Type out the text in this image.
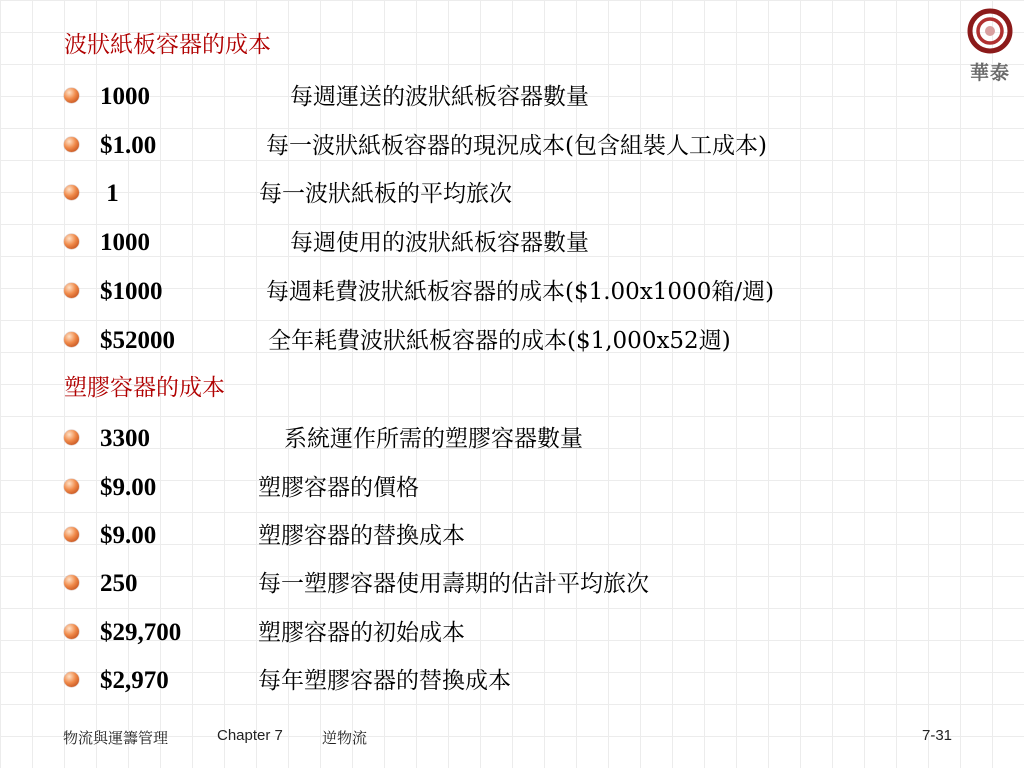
華泰
波狀紙板容器的成本
1000	每週運送的波狀紙板容器數量
$1.00	每一波狀紙板容器的現況成本(包含組裝人工成本)
1	每一波狀紙板的平均旅次
1000	每週使用的波狀紙板容器數量
$1000	每週耗費波狀紙板容器的成本($1.00x1000箱/週)
$52000	全年耗費波狀紙板容器的成本($1,000x52週)
塑膠容器的成本
3300	系統運作所需的塑膠容器數量
$9.00	塑膠容器的價格
$9.00	塑膠容器的替換成本
250	每一塑膠容器使用壽期的估計平均旅次
$29,700	塑膠容器的初始成本
$2,970	每年塑膠容器的替換成本
物流與運籌管理	Chapter 7	逆物流	7-31
